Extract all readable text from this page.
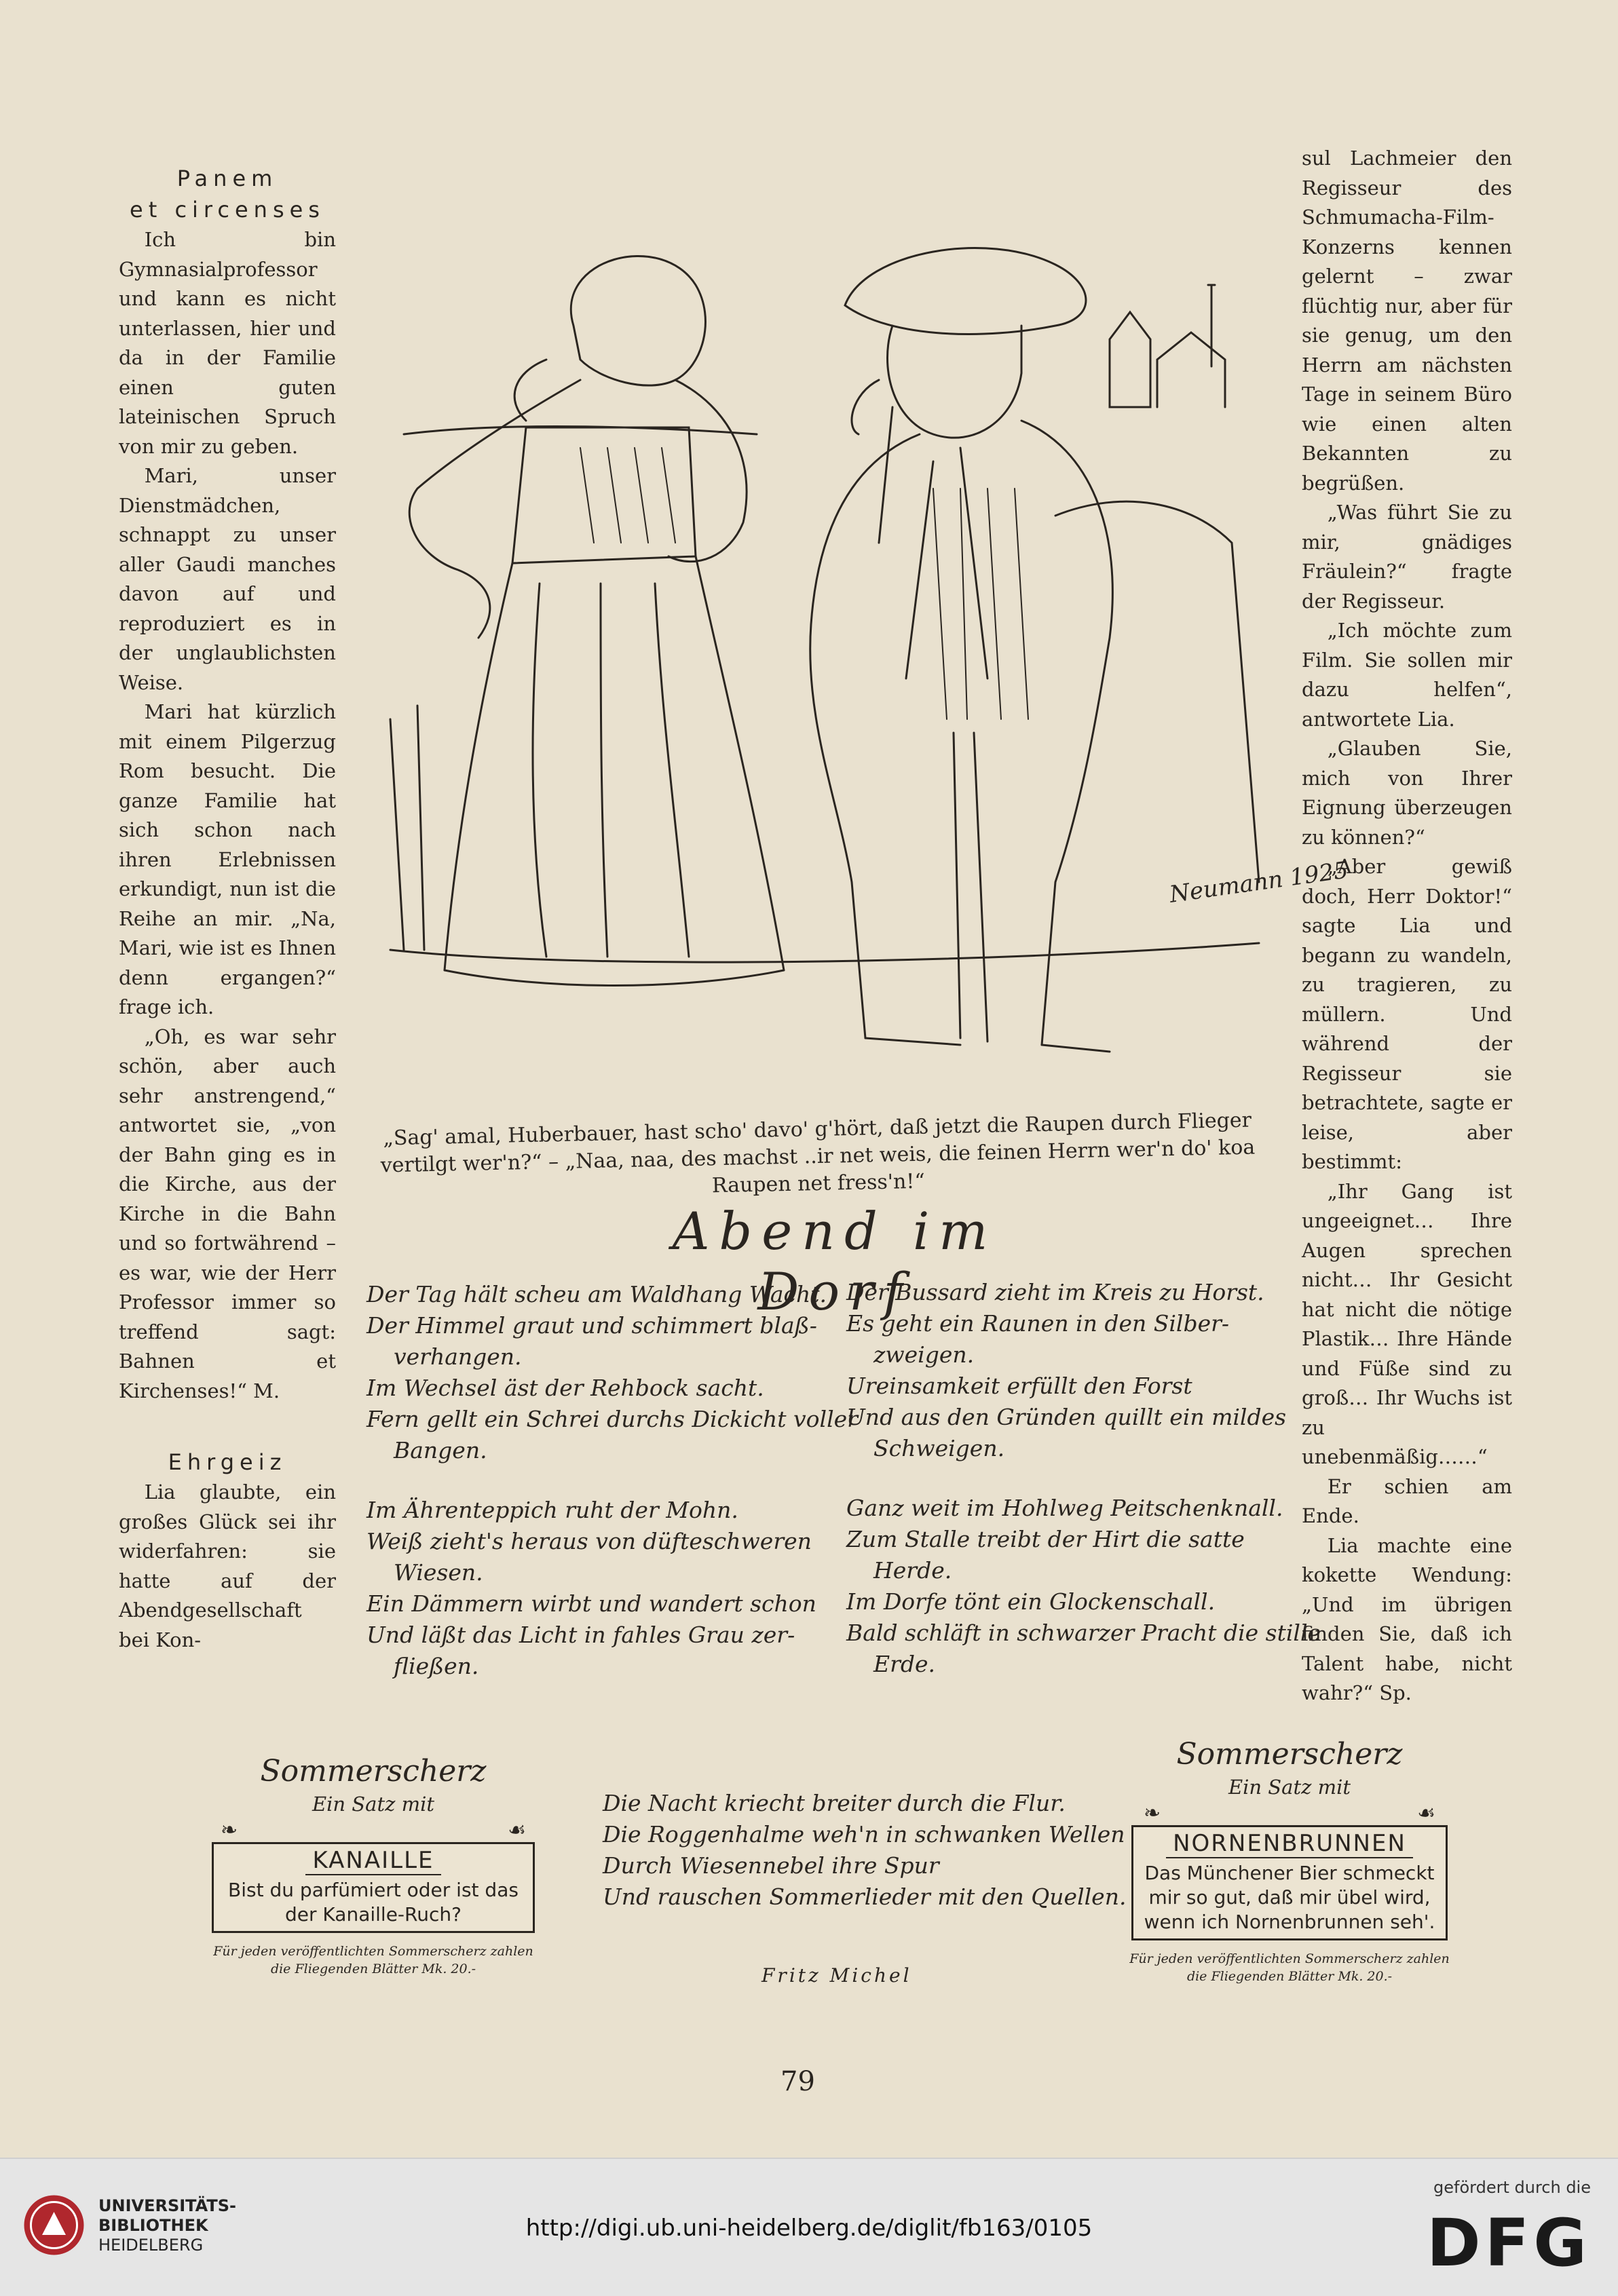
Panem

et circenses

Ich bin Gymnasialprofessor und kann es nicht unterlassen, hier und da in der Familie einen guten lateinischen Spruch von mir zu geben.

Mari, unser Dienstmädchen, schnappt zu unser aller Gaudi manches davon auf und reproduziert es in der unglaublichsten Weise.

Mari hat kürzlich mit einem Pilgerzug Rom besucht. Die ganze Familie hat sich schon nach ihren Erlebnissen erkundigt, nun ist die Reihe an mir. „Na, Mari, wie ist es Ihnen denn ergangen?“ frage ich.

„Oh, es war sehr schön, aber auch sehr anstrengend,“ antwortet sie, „von der Bahn ging es in die Kirche, aus der Kirche in die Bahn und so fortwährend – es war, wie der Herr Professor immer so treffend sagt: Bahnen et Kirchenses!“ M.

Ehrgeiz

Lia glaubte, ein großes Glück sei ihr widerfahren: sie hatte auf der Abendgesellschaft bei Kon-

sul Lachmeier den Regisseur des Schmumacha-Film-Konzerns kennen gelernt – zwar flüchtig nur, aber für sie genug, um den Herrn am nächsten Tage in seinem Büro wie einen alten Bekannten zu begrüßen.

„Was führt Sie zu mir, gnädiges Fräulein?“ fragte der Regisseur.

„Ich möchte zum Film. Sie sollen mir dazu helfen“, antwortete Lia.

„Glauben Sie, mich von Ihrer Eignung überzeugen zu können?“

„Aber gewiß doch, Herr Doktor!“ sagte Lia und begann zu wandeln, zu tragieren, zu müllern. Und während der Regisseur sie betrachtete, sagte er leise, aber bestimmt:

„Ihr Gang ist ungeeignet… Ihre Augen sprechen nicht… Ihr Gesicht hat nicht die nötige Plastik… Ihre Hände und Füße sind zu groß… Ihr Wuchs ist zu unebenmäßig……“

Er schien am Ende.

Lia machte eine kokette Wendung: „Und im übrigen finden Sie, daß ich Talent habe, nicht wahr?“ Sp.

Neumann 1925
„Sag' amal, Huberbauer, hast scho' davo' g'hört, daß jetzt die Raupen durch Flieger vertilgt wer'n?“ – „Naa, naa, des machst ..ir net weis, die feinen Herrn wer'n do' koa Raupen net fress'n!“
Abend im Dorf
Der Tag hält scheu am Waldhang Wacht.
Der Himmel graut und schimmert blaß-
verhangen.
Im Wechsel äst der Rehbock sacht.
Fern gellt ein Schrei durchs Dickicht voller
Bangen.
Im Ährenteppich ruht der Mohn.
Weiß zieht's heraus von düfteschweren
Wiesen.
Ein Dämmern wirbt und wandert schon
Und läßt das Licht in fahles Grau zer-
fließen.
Der Bussard zieht im Kreis zu Horst.
Es geht ein Raunen in den Silber-
zweigen.
Ureinsamkeit erfüllt den Forst
Und aus den Gründen quillt ein mildes
Schweigen.
Ganz weit im Hohlweg Peitschenknall.
Zum Stalle treibt der Hirt die satte
Herde.
Im Dorfe tönt ein Glockenschall.
Bald schläft in schwarzer Pracht die stille
Erde.
Die Nacht kriecht breiter durch die Flur.
Die Roggenhalme weh'n in schwanken Wellen
Durch Wiesennebel ihre Spur
Und rauschen Sommerlieder mit den Quellen.
Fritz Michel
Sommerscherz
Ein Satz mit
❧	☙
KANAILLE
Bist du parfümiert oder ist das der Kanaille-Ruch?
Für jeden veröffentlichten Sommerscherz zahlen die Fliegenden Blätter Mk. 20.-
Sommerscherz
Ein Satz mit
❧	☙
NORNENBRUNNEN
Das Münchener Bier schmeckt mir so gut, daß mir übel wird, wenn ich Nornenbrunnen seh'.
Für jeden veröffentlichten Sommerscherz zahlen die Fliegenden Blätter Mk. 20.-
79
UNIVERSITÄTS-
BIBLIOTHEK
HEIDELBERG
http://digi.ub.uni-heidelberg.de/diglit/fb163/0105
gefördert durch die
DFG
